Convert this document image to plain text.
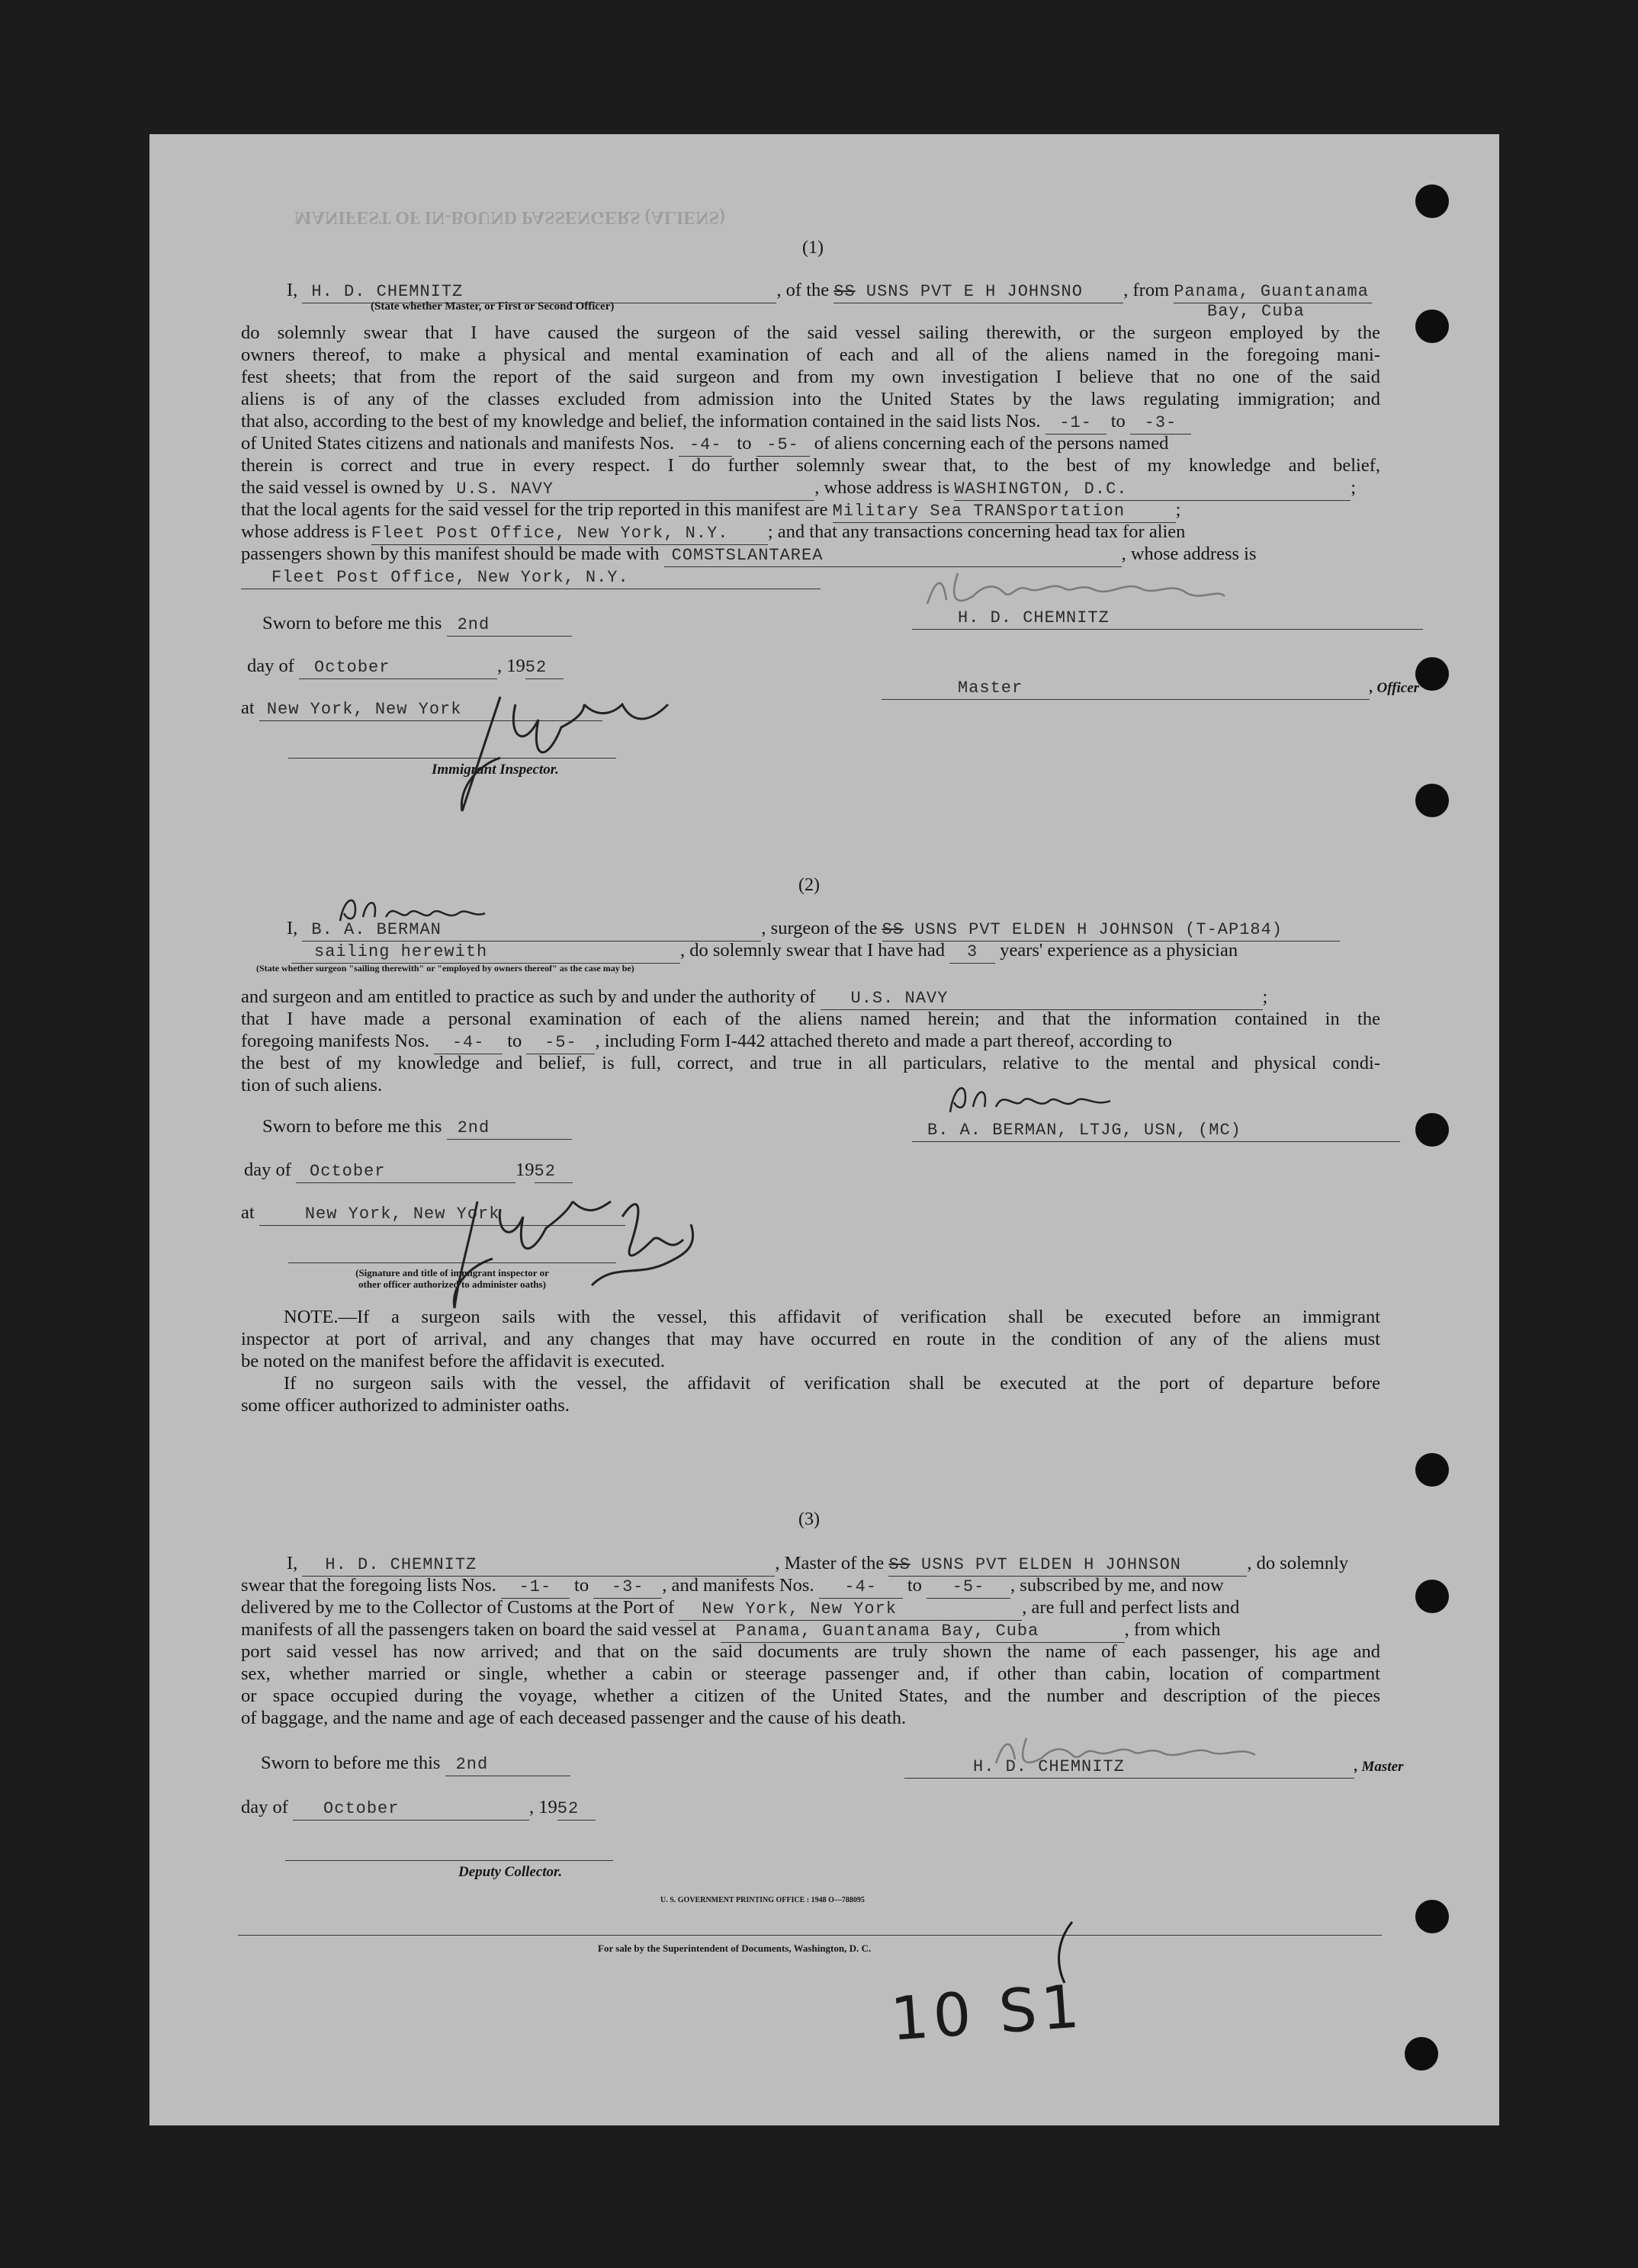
MANIFEST OF IN-BOUND PASSENGERS (ALIENS)
(1)
I, H. D. CHEMNITZ	, of the SS USNS PVT E H JOHNSNO , from Panama, Guantanama
(State whether Master, or First or Second Officer)	Bay, Cuba
do solemnly swear that I have caused the surgeon of the said vessel sailing therewith, or the surgeon employed by the
owners thereof, to make a physical and mental examination of each and all of the aliens named in the foregoing mani-
fest sheets; that from the report of the said surgeon and from my own investigation I believe that no one of the said
aliens is of any of the classes excluded from admission into the United States by the laws regulating immigration; and
that also, according to the best of my knowledge and belief, the information contained in the said lists Nos. -1- to -3-
of United States citizens and nationals and manifests Nos. -4- to -5- of aliens concerning each of the persons named
therein is correct and true in every respect. I do further solemnly swear that, to the best of my knowledge and belief,
the said vessel is owned by U.S. NAVY	, whose address is WASHINGTON, D.C.	;
that the local agents for the said vessel for the trip reported in this manifest are Military Sea TRANSportation	;
whose address is Fleet Post Office, New York, N.Y. ; and that any transactions concerning head tax for alien
passengers shown by this manifest should be made with COMSTSLANTAREA	, whose address is
Fleet Post Office, New York, N.Y.
Sworn to before me this 2nd
day of October	, 1952
at New York, New York
Immigrant Inspector.
H. D. CHEMNITZ
Master	, Officer
(2)
I, B. A. BERMAN	, surgeon of the SS USNS PVT ELDEN H JOHNSON (T-AP184)
sailing herewith	, do solemnly swear that I have had 3 years' experience as a physician
(State whether surgeon "sailing therewith" or "employed by owners thereof" as the case may be)
and surgeon and am entitled to practice as such by and under the authority of U.S. NAVY	;
that I have made a personal examination of each of the aliens named herein; and that the information contained in the
foregoing manifests Nos. -4- to -5- , including Form I-442 attached thereto and made a part thereof, according to
the best of my knowledge and belief, is full, correct, and true in all particulars, relative to the mental and physical condi-
tion of such aliens.
Sworn to before me this 2nd	B. A. BERMAN, LTJG, USN, (MC)
day of October	1952
at	New York, New York
(Signature and title of immigrant inspector or
other officer authorized to administer oaths)
NOTE.—If a surgeon sails with the vessel, this affidavit of verification shall be executed before an immigrant
inspector at port of arrival, and any changes that may have occurred en route in the condition of any of the aliens must
be noted on the manifest before the affidavit is executed.
If no surgeon sails with the vessel, the affidavit of verification shall be executed at the port of departure before
some officer authorized to administer oaths.
(3)
I, H. D. CHEMNITZ	, Master of the SS USNS PVT ELDEN H JOHNSON	, do solemnly
swear that the foregoing lists Nos. -1- to -3- , and manifests Nos. -4- to -5- , subscribed by me, and now
delivered by me to the Collector of Customs at the Port of New York, New York	, are full and perfect lists and
manifests of all the passengers taken on board the said vessel at Panama, Guantanama Bay, Cuba	, from which
port said vessel has now arrived; and that on the said documents are truly shown the name of each passenger, his age and
sex, whether married or single, whether a cabin or steerage passenger and, if other than cabin, location of compartment
or space occupied during the voyage, whether a citizen of the United States, and the number and description of the pieces
of baggage, and the name and age of each deceased passenger and the cause of his death.
Sworn to before me this 2nd	H. D. CHEMNITZ	, Master
day of October	, 1952
Deputy Collector.
U. S. GOVERNMENT PRINTING OFFICE : 1948 O—788095
For sale by the Superintendent of Documents, Washington, D. C.
10 S1
